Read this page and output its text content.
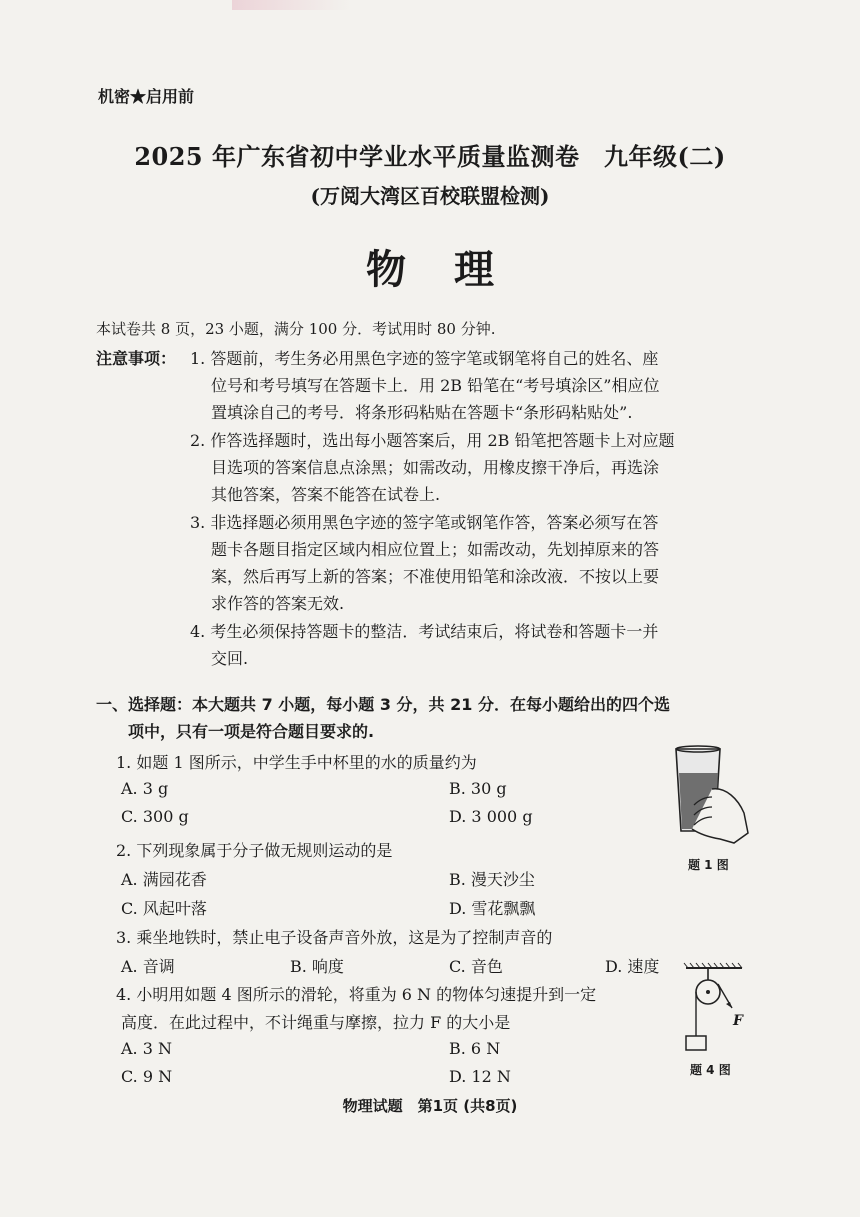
机密★启用前
2025 年广东省初中学业水平质量监测卷　九年级(二)
(万阅大湾区百校联盟检测)
物理
本试卷共 8 页，23 小题，满分 100 分．考试用时 80 分钟.
注意事项： 1. 答题前，考生务必用黑色字迹的签字笔或钢笔将自己的姓名、座
位号和考号填写在答题卡上．用 2B 铅笔在“考号填涂区”相应位
置填涂自己的考号．将条形码粘贴在答题卡“条形码粘贴处”.
2. 作答选择题时，选出每小题答案后，用 2B 铅笔把答题卡上对应题
目选项的答案信息点涂黑；如需改动，用橡皮擦干净后，再选涂
其他答案，答案不能答在试卷上.
3. 非选择题必须用黑色字迹的签字笔或钢笔作答，答案必须写在答
题卡各题目指定区域内相应位置上；如需改动，先划掉原来的答
案，然后再写上新的答案；不准使用铅笔和涂改液．不按以上要
求作答的答案无效.
4. 考生必须保持答题卡的整洁．考试结束后，将试卷和答题卡一并
交回.
一、选择题：本大题共 7 小题，每小题 3 分，共 21 分．在每小题给出的四个选
项中，只有一项是符合题目要求的.
1. 如题 1 图所示，中学生手中杯里的水的质量约为
A. 3 g	B. 30 g
C. 300 g	D. 3 000 g
题 1 图
2. 下列现象属于分子做无规则运动的是
A. 满园花香	B. 漫天沙尘
C. 风起叶落	D. 雪花飘飘
3. 乘坐地铁时，禁止电子设备声音外放，这是为了控制声音的
A. 音调	B. 响度	C. 音色	D. 速度
4. 小明用如题 4 图所示的滑轮，将重为 6 N 的物体匀速提升到一定
高度．在此过程中，不计绳重与摩擦，拉力 F 的大小是
A. 3 N	B. 6 N
C. 9 N	D. 12 N
F
题 4 图
物理试题　第1页 (共8页)
